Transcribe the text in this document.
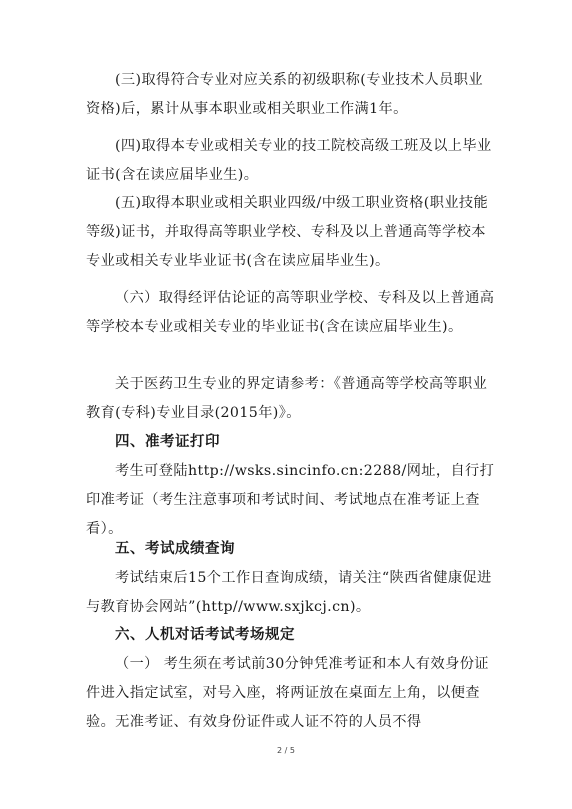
(三)取得符合专业对应关系的初级职称(专业技术人员职业资格)后，累计从事本职业或相关职业工作满1年。

(四)取得本专业或相关专业的技工院校高级工班及以上毕业证书(含在读应届毕业生)。

(五)取得本职业或相关职业四级/中级工职业资格(职业技能等级)证书，并取得高等职业学校、专科及以上普通高等学校本专业或相关专业毕业证书(含在读应届毕业生)。

（六）取得经评估论证的高等职业学校、专科及以上普通高等学校本专业或相关专业的毕业证书(含在读应届毕业生)。

关于医药卫生专业的界定请参考：《普通高等学校高等职业教育(专科)专业目录(2015年)》。

四、准考证打印

考生可登陆http://wsks.sincinfo.cn:2288/网址，自行打印准考证（考生注意事项和考试时间、考试地点在准考证上查看）。

五、考试成绩查询

考试结束后15个工作日查询成绩，请关注“陕西省健康促进与教育协会网站”(http//www.sxjkcj.cn)。

六、人机对话考试考场规定

（一） 考生须在考试前30分钟凭准考证和本人有效身份证件进入指定试室，对号入座，将两证放在桌面左上角，以便查验。无准考证、有效身份证件或人证不符的人员不得

2 / 5
